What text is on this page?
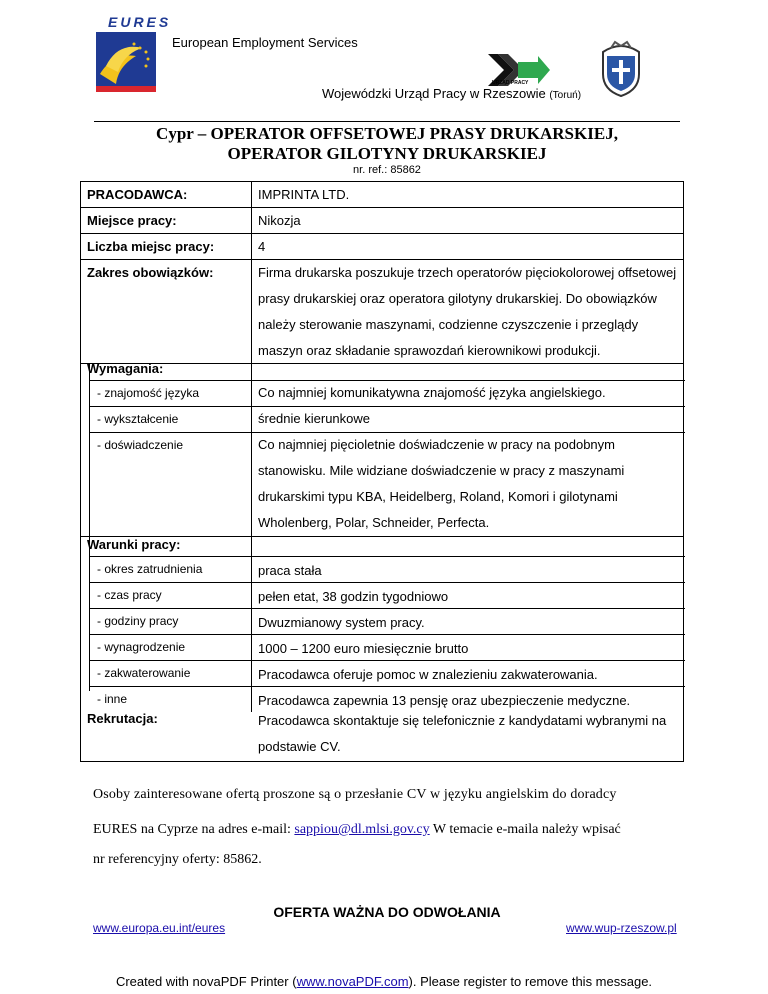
EURES
European Employment Services
URZĄD PRACY
Wojewódzki Urząd Pracy w Rzeszowie (Toruń)
Cypr – OPERATOR OFFSETOWEJ PRASY DRUKARSKIEJ,
OPERATOR GILOTYNY DRUKARSKIEJ
nr. ref.: 85862
PRACODAWCA:	IMPRINTA LTD.
Miejsce pracy:	Nikozja
Liczba miejsc pracy:	4
Zakres obowiązków:	Firma drukarska poszukuje trzech operatorów pięciokolorowej offsetowej
prasy drukarskiej oraz operatora gilotyny drukarskiej. Do obowiązków
należy sterowanie maszynami, codzienne czyszczenie i przeglądy
maszyn oraz składanie sprawozdań kierownikowi produkcji.
Wymagania:
- znajomość języka	Co najmniej komunikatywna znajomość języka angielskiego.
- wykształcenie	średnie kierunkowe
- doświadczenie	Co najmniej pięcioletnie doświadczenie w pracy na podobnym
stanowisku. Mile widziane doświadczenie w pracy z maszynami
drukarskimi typu KBA, Heidelberg, Roland, Komori i gilotynami
Wholenberg, Polar, Schneider, Perfecta.
Warunki pracy:
- okres zatrudnienia	praca stała
- czas pracy	pełen etat, 38 godzin tygodniowo
- godziny pracy	Dwuzmianowy system pracy.
- wynagrodzenie	1000 – 1200 euro miesięcznie brutto
- zakwaterowanie	Pracodawca oferuje pomoc w znalezieniu zakwaterowania.
- inne	Pracodawca zapewnia 13 pensję oraz ubezpieczenie medyczne.
Rekrutacja:	Pracodawca skontaktuje się telefonicznie z kandydatami wybranymi na
podstawie CV.
Osoby zainteresowane ofertą proszone są o przesłanie CV w języku angielskim do doradcy
EURES na Cyprze na adres e-mail: sappiou@dl.mlsi.gov.cy W temacie e-maila należy wpisać
nr referencyjny oferty: 85862.
OFERTA WAŻNA DO ODWOŁANIA
www.europa.eu.int/eures	www.wup-rzeszow.pl
Created with novaPDF Printer (www.novaPDF.com). Please register to remove this message.
